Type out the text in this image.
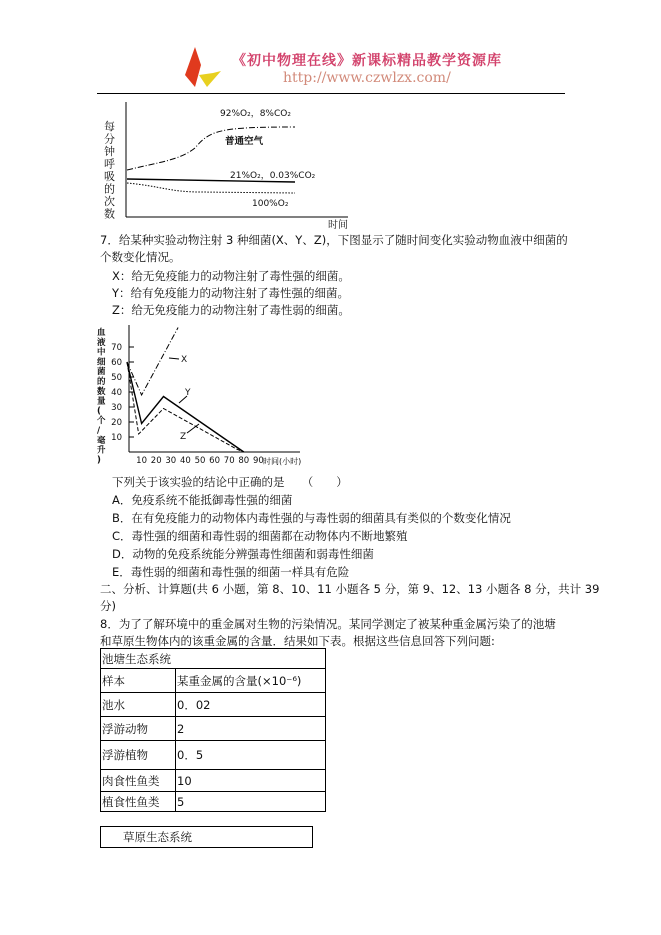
《初中物理在线》新课标精品教学资源库
http://www.czwlzx.com/
每分钟呼吸的次数
时间
92%O₂，8%CO₂
普通空气
21%O₂，0.03%CO₂
100%O₂
7．给某种实验动物注射 3 种细菌(X、Y、Z)，下图显示了随时间变化实验动物血液中细菌的
个数变化情况。
X：给无免疫能力的动物注射了毒性强的细菌。
Y：给有免疫能力的动物注射了毒性强的细菌。
Z：给无免疫能力的动物注射了毒性弱的细菌。
10
20
30
40
50
60
70
10 20 30 40 50 60 70 80 90 时间(小时)
血液中细菌的数量(个/毫升)
X
Y
Z
下列关于该实验的结论中正确的是　　（　　）
A．免疫系统不能抵御毒性强的细菌
B．在有免疫能力的动物体内毒性强的与毒性弱的细菌具有类似的个数变化情况
C．毒性强的细菌和毒性弱的细菌都在动物体内不断地繁殖
D．动物的免疫系统能分辨强毒性细菌和弱毒性细菌
E．毒性弱的细菌和毒性强的细菌一样具有危险
二、分析、计算题(共 6 小题，第 8、10、11 小题各 5 分，第 9、12、13 小题各 8 分，共计 39
分)
8．为了了解环境中的重金属对生物的污染情况。某同学测定了被某种重金属污染了的池塘
和草原生物体内的该重金属的含量．结果如下表。根据这些信息回答下列问题:
池塘生态系统	
样本	某重金属的含量(×10⁻⁶)
池水	0．02
浮游动物	2
浮游植物	0．5
肉食性鱼类	10
植食性鱼类	5
草原生态系统
